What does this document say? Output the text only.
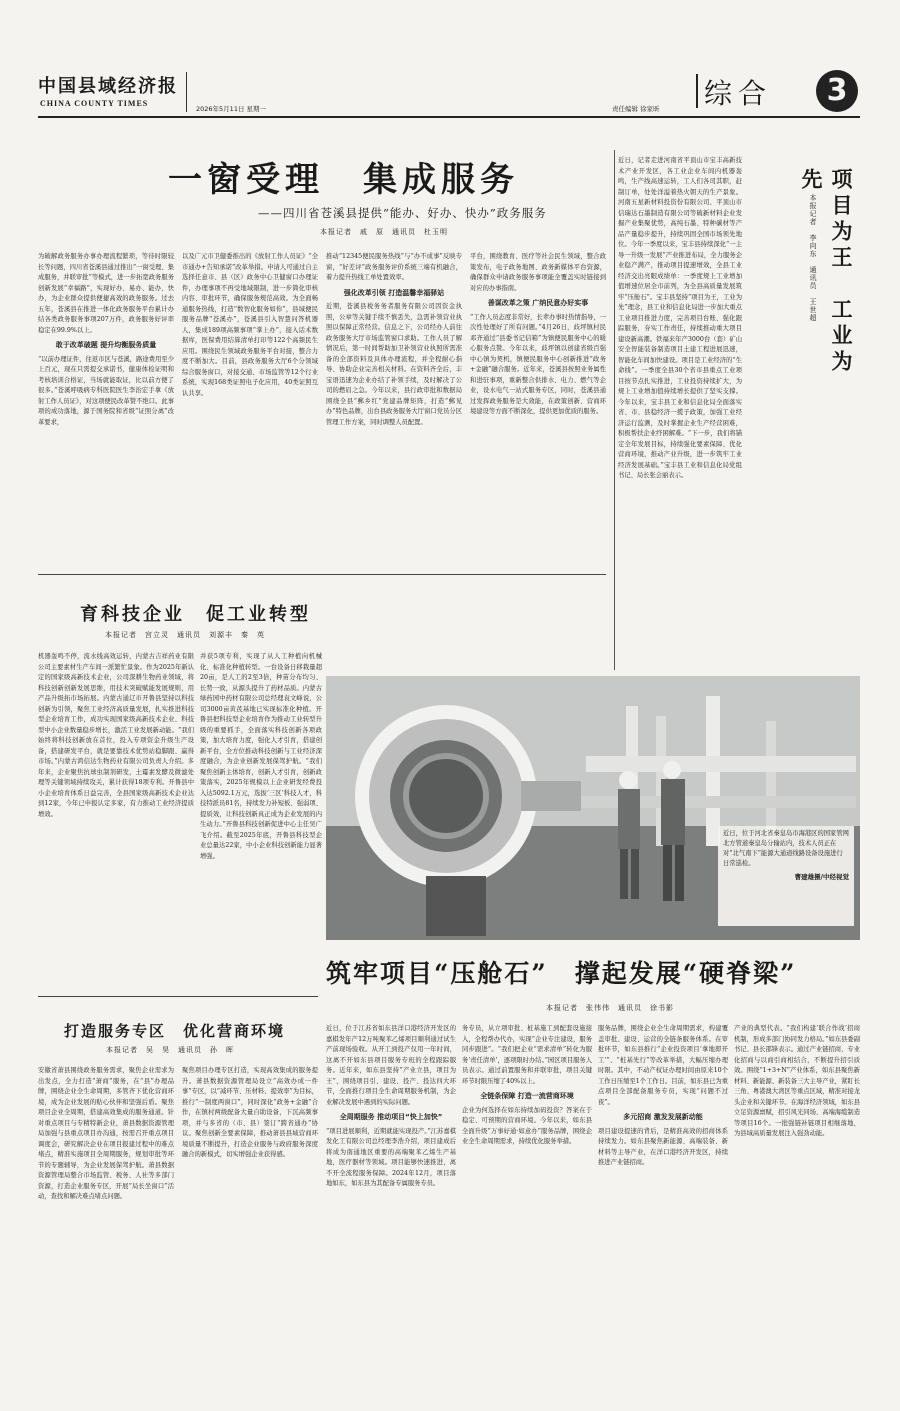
中国县域经济报
CHINA COUNTY TIMES
2026年5月11日 星期一	责任编辑 徐家昕 综合	3
一窗受理　集成服务
——四川省苍溪县提供“能办、好办、快办”政务服务
本报记者　戚　原　通讯员　杜玉明
为破解政务服务办事办理流程繁琐，等待时限较长等问题，四川省苍溪县通过推出“一窗受理、集成服务，并联审批”等模式，进一步拓宽政务服务创新发展“幸福路”，实现好办、易办、能办、快办，为企业群众提供便捷高效的政务服务。过去五年，苍溪县在推进一体化政务服务平台累计办结各类政务服务事项207万件，政务服务好评率稳定在99.9%以上。
敢于改革破题 提升均衡服务质量
“以前办理证件，往返市区与苍溪，路途费用至少上百元，现在只需提交承诺书，健康体检证明和考核培训合格证，当场就能取证，比以前方便了很多。”苍溪呼吸病专科医院医生李治宏手拿《放射工作人员证》，对这项便民改革赞不绝口。此事项的成功落地，源于国务院和省级“证照分离”改革要求，
以及广元市卫健委推出的《放射工作人员证》“全市通办+告知承诺”改革举措。申请人可通过自主选择任意市、县（区）政务中心卫健窗口办理证件，办理事项不再受地域限制，进一步简化审核内容、审批环节，确保服务规范高效。为全面畅通服务热线，打造“数智化服务如你”，县域便民服务品牌“苍溪办”，苍溪县引入智慧问答机器人，集成189项高频事项“掌上办”，接入话术数据库，医保费用结算清单打印等122个高频民生应用。围绕民生领域政务服务平台对接，整合力度不断加大。目前，县政务服务大厅6个分领域综合服务窗口，对接交通、市场监管等12个行业系统，实现168类证照电子化应用，40类证照互认共享。
推动“12345便民服务热线”与“办不成事”反映专窗，“好差评”政务服务评价系统三端有机融合，着力提升热线工单处置效率。
强化改革引领 打造温馨幸福驿站
近期，苍溪县税务务者服务有限公司因资金执照，公章等关键手续不慎丢失，急需补领营业执照以保障正常经营。信息之下，公司经办人前往政务服务大厅市场监管窗口求助。工作人员了解情况后，第一时间帮助加卫补领营业执照所需准备的全部资料及具体办理流程，并全程耐心指导、协助企业完善相关材料。在资料齐全后，丰宝语迅速为企业办结了补领手续，及时解决了公司的燃眉之急。今年以来，县行政审批和数据局围绕全县“郵乡红”党建品牌矩阵，打造“郵见办”特色品牌，出台县政务服务大厅窗口党员分区管理工作方案，同时调整人员配置。
平台，围绕教育、医疗等社会民生领域，整合政策发布，电子政务地图、政务新媒体平台资源，确保群众申请政务服务事项能全覆盖实时链接到对应的办事指南。
善谋改革之策 广纳民意办好实事
“工作人员态度非常好，长辈办事时热情指导，一次性处理好了所有问题。”4月26日，歧坪镇村民邓齐通过“县委书记信箱”为镇便民服务中心的暖心服务点赞。今年以来，歧坪镇以创建省级百强中心镇为契机，镇便民服务中心创新推进“政务+金融”融合服务。近年来，苍溪县按照业务属性和进驻事项，重新整合供排水、电力、燃气等企业，设水电气一站式服务专区，同时，苍溪县通过发挥政务服务是大效能，在政策创新、营商环境建设等方面不断深化，提供更加优质的服务。
近日，记者走进河南省平顶山市宝丰高新技术产业开发区，各工业企业车间内机器轰鸣，生产线高速运转，工人们各司其职，赶制订单，处处洋溢着热火朝天的生产景象。河南五星新材料投资份有限公司、平顶山市信瑞达石墨制造有限公司等破新材料企业发掘产业集聚优势，高纯石墨、特种碳材等产品产量稳步提升，持续巩固全国市场领先地位。今年一季度以来，宝丰县持续深化“一主导一升级一发展”产业推进布局，全力服务企业稳产满产，推动项目提速增效，全县工业经济交出亮眼成绩单：一季度规上工业增加值增速位居全市前列，为全县高质量发展筑牢“压舱石”。宝丰县坚持“项目为王，工业为先”理念，县工业和信息化局进一步加大重点工业项目推进力度，完善项目台账、强化跟踪服务，夯实工作责任，持续推动重大项目建设新高潮。铁福来年产3000台（套）矿山安全智能装备制造项目土建工程进展迅速，智能化车间加快建设。项目是工业经济的“生命线”。一季度全县30个省市县重点工业项目按节点扎实推进，工业投资持续扩大，为规上工业增加值持续增长提供了坚实支撑。今年以来，宝丰县工业和信息化局全面落实省、市、县稳经济一揽子政策，加强工业经济运行监测，及时掌握企业生产经营困难，积极帮扶企业纾困解难。“下一步，我们将锚定全年发展目标，持续强化要素保障、优化营商环境，推动产业升级，进一步筑牢工业经济发展基础。”宝丰县工业和信息化局党组书记、局长张会丽表示。
项目为王　工业为先
本报记者　李向东　通讯员　王世超
育科技企业　促工业转型
本报记者　宫立灵　通讯员　刘源丰　秦　英
机器轰鸣不停，流水线高效运转，内蒙古吉祥药业有限公司主要素材生产车间一派繁忙景象。作为2025年新认定的国家级高新技术企业，公司深耕生物药业领域，将科技创新创新发展思维，用技术突破赋能发展规则，用产品升级拓市场拓展。内蒙古通辽市开鲁县坚持以科技创新为引领，聚焦工业经济高质量发展，扎实推进科技型企业培育工作，成功实现国家级高新技术企业、科技型中小企业数量稳步增长，激活工业发展新动能。“我们始终将科技创新放在首位，投入专项资金升级生产设备，搭建研发平台，就是要靠技术优势站稳脚跟、赢得市场。”内蒙古鸿信达生物药业有限公司负责人介绍。多年来，企业聚焦抗球虫制剂研发，土霉素发酵及微滤处理等关键领域持续攻关，累计获得18项专利。开鲁县中小企业培育体系日益完善，全县国家级高新技术企业达到12家，今年已申报认定多家，有力推动工业经济提质增效。
并获5项专利，实现了从人工种植向机械化、标准化种植转型。一台设备日移栽量超20亩，是人工的2至3倍，种苗分布均匀、长势一致，从源头提升了药材品质。内蒙古绿药园中药材有限公司总经理袁文峰说，公司3000亩黄芪基地已实现标准化种植。开鲁县把科技型企业培育作为推动工业转型升级的重要抓手，全面落实科技创新各项政策，加大培育力度，强化人才引育，搭建创新平台，全方位推动科技创新与工业经济深度融合，为企业创新发展保驾护航。“我们聚焦创新主体培育，创新人才引育，创新政策落实，2025年规模以上企业研发经费投入达5092.1万元，选拔‘三区’科技人才，科技特派员81名，持续发力补短板、强弱项、提质效，让科技创新真正成为企业发展的内生动力。”开鲁县科技创新促进中心主任吴广飞介绍。截至2025年底，开鲁县科技型企业总量达22家，中小企业科技创新能力显著增强。
近日，位于河北省秦皇岛市海港区的国家管网北方管道秦皇岛分输站内，技术人员正在对“北气南下”能源大通道线路设备设施进行日常巡检。
曹建雄摄/中经视觉
筑牢项目“压舱石”　撑起发展“硬脊梁”
本报记者　张伟伟　通讯员　徐书影
打造服务专区　优化营商环境
本报记者　吴　昊　通讯员　孙　晖
安徽省萧县围绕政务服务需求，聚焦企业需求为出发点，全力打造“萧商”服务，在“县”办理品牌，围绕企业全生命周期，多管齐下优化营商环境，成为企业发展的贴心伙伴和坚强后盾。聚焦项目企业全周期，搭建高效集成的服务通道。针对重点项目与专精特新企业，萧县数据资源管理局加强与县重点项目办沟通，按需召开重点项目调度会，研究解决企业在项目报建过程中的难点堵点，精准实施项目全周期服务，规划审批等环节的专题辅导，为企业发展保驾护航。萧县数据资源管理局整合市场监管、税务、人社等多部门资源，打造企业服务专区，开展“局长坐窗口”活动，查找和解决难点堵点问题。
聚焦项目办理专区打造，实现高效集成的服务提升。萧县数据资源管理局设立“高效办成一件事”专区，以“减环节、压材料、提效率”为目标，推行“一制度两窗口”，同时深化“政务+金融”合作，在镇村两级配备大量自助设备，下沉高频事项，并与多省的（市、县）签订“跨省通办”协议。聚焦创新全要素保障，推动萧县县域营商环境质量不断提升，打造企业服务与政府服务深度融合的新模式，切实增强企业获得感。
近日，位于江苏省如东县洋口港经济开发区的嘉棋发年产12万吨聚苯乙烯项目顺利通过试生产前现场验收。从开工到投产仅用一年时间，这离不开如东县项目服务专班的全程跟踪服务。近年来，如东县坚持“产业立县，项目为王”，围绕项目引、建设、投产、投达四大环节，全面推行项目全生命周期服务机制，为企业解决发展中遇到的实际问题。
全周期服务 推动项目“快上加快”
“项目进展顺利，近期就能实现投产。”江苏嘉棋发化工有限公司总经理李浩介绍，项目建成后将成为南通地区重要的高端聚苯乙烯生产基地，医疗器材等领域。项目能够快速推进，离不开全流程服务保障。2024年12月，项目落地如东，如东县为其配备专属服务专员。
务专员，从立项审批、桩基施工到配套设施接入，全程帮办代办，实现“企业专注建设，服务同步跟进”。“我们把企业“需求清单”转化为服务‘责任清单’，逐项限时办结。”园区项目服务人员表示。通过前置服务和并联审批，项目关键环节时限压缩了40%以上。
全链条保障 打造一流营商环境
企业为何选择在如东持续加码投资？答案在于稳定、可预期的营商环境。今年以来，如东县全面升级“万事好通·如意办”服务品牌，围绕企业全生命周期需求，持续优化服务举措。
服务品牌，围绕企业全生命周期需求，构建覆盖审批、建设、运营的全链条服务体系。在审批环节，如东县推行“企业投资项目‘拿地即开工’”、“桩基先行”等改革举措，大幅压缩办理时限。其中，不动产权证办理时间由原来10个工作日压缩至1个工作日。目前，如东县已为重点项目全部配备服务专员，实现“问题不过夜”。
多元招商 激发发展新动能
项目建设提速的背后，是精准高效的招商体系持续发力。如东县聚焦新能源、高端装备、新材料等主导产业，在洋口港经济开发区，持续推进产业链招商。
产业的典型代表。“我们构建‘联合作战’招商机制，形成多部门协同发力格局。”如东县委副书记、县长邵锋表示。通过产业链招商、专业化招商与以商引商相结合，不断提升招引质效。围绕“1+3+N”产业体系，如东县聚焦新材料、新能源、新装备三大主导产业，紧盯长三角、粤港澳大湾区等重点区域，精准对接龙头企业和关键环节。在海洋经济领域，如东县立足资源禀赋，招引风光同场、高端海缆制造等项目16个。一批强链补链项目相继落地，为县域高质量发展注入强劲动能。
